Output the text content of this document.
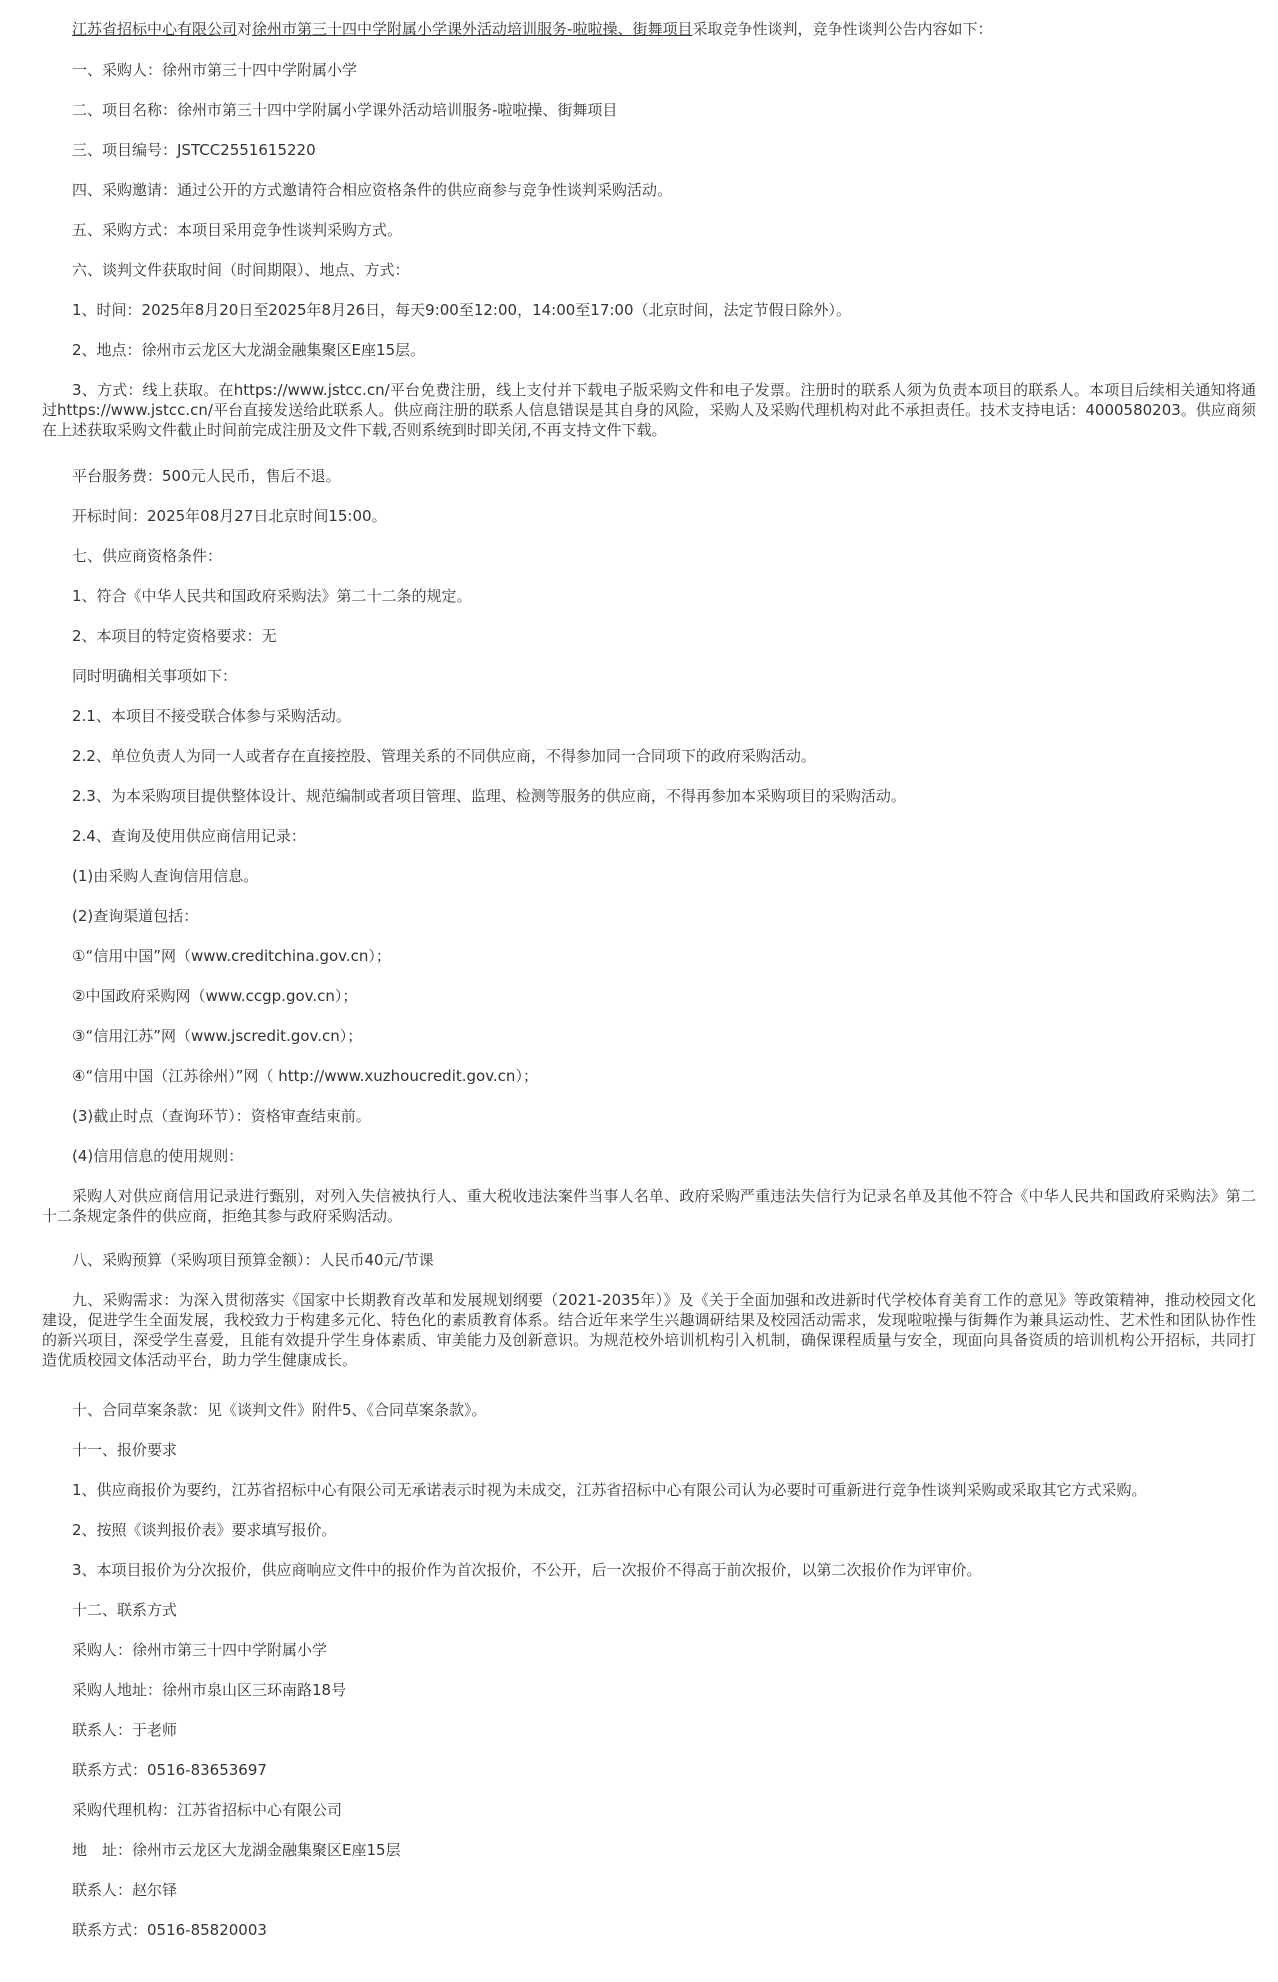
江苏省招标中心有限公司对徐州市第三十四中学附属小学课外活动培训服务-啦啦操、街舞项目采取竞争性谈判，竞争性谈判公告内容如下：

一、采购人：徐州市第三十四中学附属小学

二、项目名称：徐州市第三十四中学附属小学课外活动培训服务-啦啦操、街舞项目

三、项目编号：JSTCC2551615220

四、采购邀请：通过公开的方式邀请符合相应资格条件的供应商参与竞争性谈判采购活动。

五、采购方式：本项目采用竞争性谈判采购方式。

六、谈判文件获取时间（时间期限）、地点、方式：

1、时间：2025年8月20日至2025年8月26日，每天9:00至12:00，14:00至17:00（北京时间，法定节假日除外）。

2、地点：徐州市云龙区大龙湖金融集聚区E座15层。

3、方式：线上获取。在https://www.jstcc.cn/平台免费注册，线上支付并下载电子版采购文件和电子发票。注册时的联系人须为负责本项目的联系人。本项目后续相关通知将通过https://www.jstcc.cn/平台直接发送给此联系人。供应商注册的联系人信息错误是其自身的风险，采购人及采购代理机构对此不承担责任。技术支持电话：4000580203。供应商须在上述获取采购文件截止时间前完成注册及文件下载,否则系统到时即关闭,不再支持文件下载。

平台服务费：500元人民币，售后不退。

开标时间：2025年08月27日北京时间15:00。

七、供应商资格条件：

1、符合《中华人民共和国政府采购法》第二十二条的规定。

2、本项目的特定资格要求：无

同时明确相关事项如下：

2.1、本项目不接受联合体参与采购活动。

2.2、单位负责人为同一人或者存在直接控股、管理关系的不同供应商，不得参加同一合同项下的政府采购活动。

2.3、为本采购项目提供整体设计、规范编制或者项目管理、监理、检测等服务的供应商，不得再参加本采购项目的采购活动。

2.4、查询及使用供应商信用记录：

(1)由采购人查询信用信息。

(2)查询渠道包括：

①“信用中国”网（www.creditchina.gov.cn）；

②中国政府采购网（www.ccgp.gov.cn）；

③“信用江苏”网（www.jscredit.gov.cn）；

④“信用中国（江苏徐州）”网（ http://www.xuzhoucredit.gov.cn）；

(3)截止时点（查询环节）：资格审查结束前。

(4)信用信息的使用规则：

采购人对供应商信用记录进行甄别，对列入失信被执行人、重大税收违法案件当事人名单、政府采购严重违法失信行为记录名单及其他不符合《中华人民共和国政府采购法》第二十二条规定条件的供应商，拒绝其参与政府采购活动。

八、采购预算（采购项目预算金额）：人民币40元/节课

九、采购需求：为深入贯彻落实《国家中长期教育改革和发展规划纲要（2021-2035年）》及《关于全面加强和改进新时代学校体育美育工作的意见》等政策精神，推动校园文化建设，促进学生全面发展，我校致力于构建多元化、特色化的素质教育体系。结合近年来学生兴趣调研结果及校园活动需求，发现啦啦操与街舞作为兼具运动性、艺术性和团队协作性的新兴项目，深受学生喜爱，且能有效提升学生身体素质、审美能力及创新意识。为规范校外培训机构引入机制，确保课程质量与安全，现面向具备资质的培训机构公开招标，共同打造优质校园文体活动平台，助力学生健康成长。

十、合同草案条款：见《谈判文件》附件5、《合同草案条款》。

十一、报价要求

1、供应商报价为要约，江苏省招标中心有限公司无承诺表示时视为未成交，江苏省招标中心有限公司认为必要时可重新进行竞争性谈判采购或采取其它方式采购。

2、按照《谈判报价表》要求填写报价。

3、本项目报价为分次报价，供应商响应文件中的报价作为首次报价，不公开，后一次报价不得高于前次报价，以第二次报价作为评审价。

十二、联系方式

采购人：徐州市第三十四中学附属小学

采购人地址：徐州市泉山区三环南路18号

联系人：于老师

联系方式：0516-83653697

采购代理机构：江苏省招标中心有限公司

地　址：徐州市云龙区大龙湖金融集聚区E座15层

联系人：赵尔铎

联系方式：0516-85820003
